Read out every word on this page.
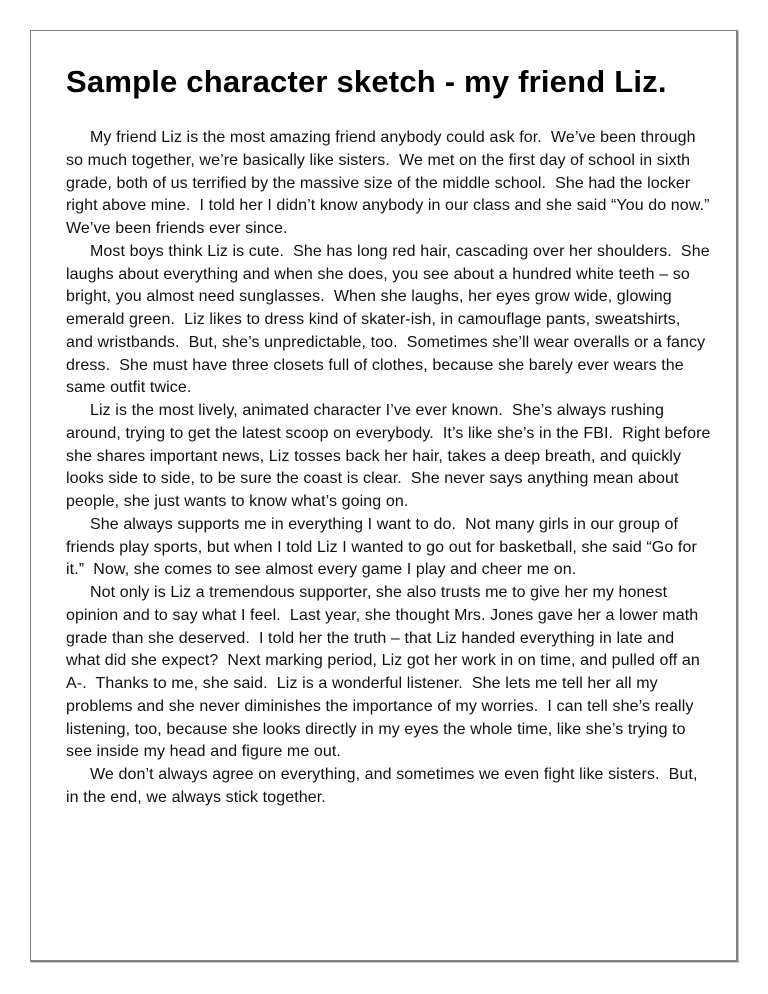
Sample character sketch - my friend Liz.

My friend Liz is the most amazing friend anybody could ask for.  We’ve been through so much together, we’re basically like sisters.  We met on the first day of school in sixth grade, both of us terrified by the massive size of the middle school.  She had the locker right above mine.  I told her I didn’t know anybody in our class and she said “You do now.”  We’ve been friends ever since.

Most boys think Liz is cute.  She has long red hair, cascading over her shoulders.  She laughs about everything and when she does, you see about a hundred white teeth – so bright, you almost need sunglasses.  When she laughs, her eyes grow wide, glowing emerald green.  Liz likes to dress kind of skater-ish, in camouflage pants, sweatshirts, and wristbands.  But, she’s unpredictable, too.  Sometimes she’ll wear overalls or a fancy dress.  She must have three closets full of clothes, because she barely ever wears the same outfit twice.

Liz is the most lively, animated character I’ve ever known.  She’s always rushing around, trying to get the latest scoop on everybody.  It’s like she’s in the FBI.  Right before she shares important news, Liz tosses back her hair, takes a deep breath, and quickly looks side to side, to be sure the coast is clear.  She never says anything mean about people, she just wants to know what’s going on.

She always supports me in everything I want to do.  Not many girls in our group of friends play sports, but when I told Liz I wanted to go out for basketball, she said “Go for it.”  Now, she comes to see almost every game I play and cheer me on.

Not only is Liz a tremendous supporter, she also trusts me to give her my honest opinion and to say what I feel.  Last year, she thought Mrs. Jones gave her a lower math grade than she deserved.  I told her the truth – that Liz handed everything in late and what did she expect?  Next marking period, Liz got her work in on time, and pulled off an A-.  Thanks to me, she said.  Liz is a wonderful listener.  She lets me tell her all my problems and she never diminishes the importance of my worries.  I can tell she’s really listening, too, because she looks directly in my eyes the whole time, like she’s trying to see inside my head and figure me out.

We don’t always agree on everything, and sometimes we even fight like sisters.  But, in the end, we always stick together.
